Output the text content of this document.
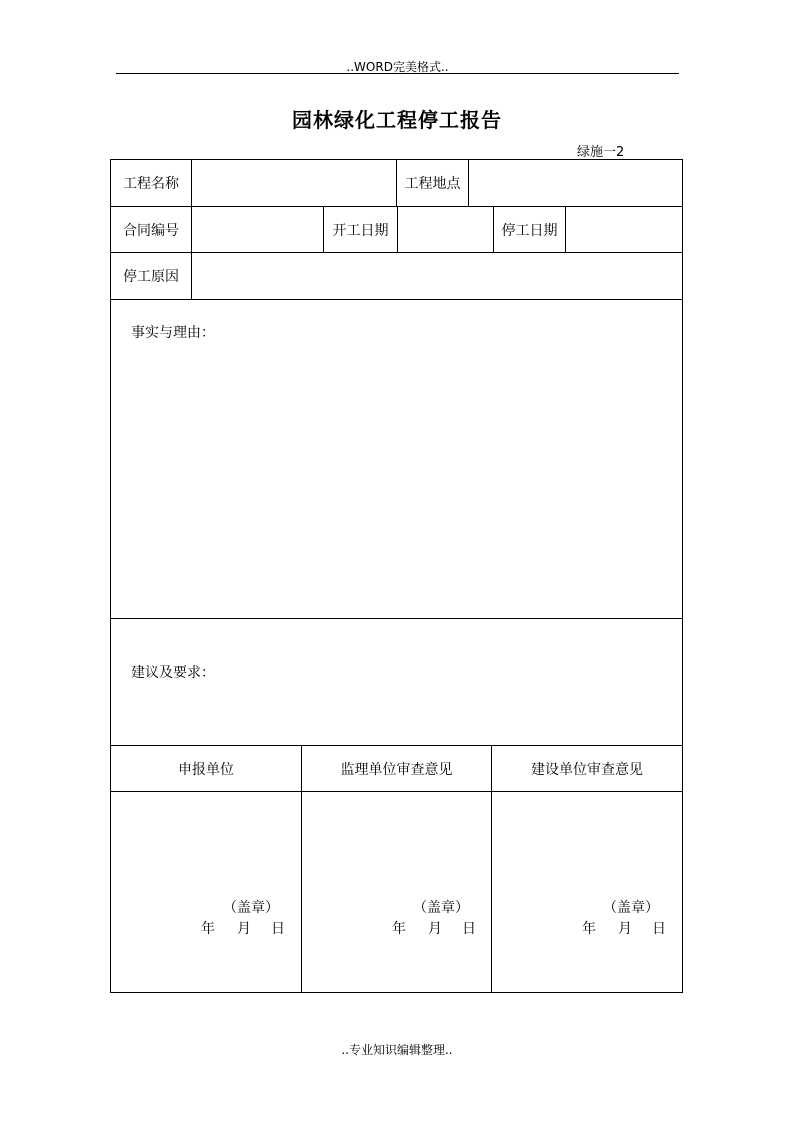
..WORD完美格式..
园林绿化工程停工报告
绿施一2
工程名称	工程地点
合同编号	开工日期	停工日期
停工原因
事实与理由：
建议及要求：
申报单位	监理单位审查意见	建设单位审查意见
（盖章）
年 月 日
（盖章）
年 月 日
（盖章）
年 月 日
..专业知识编辑整理..
